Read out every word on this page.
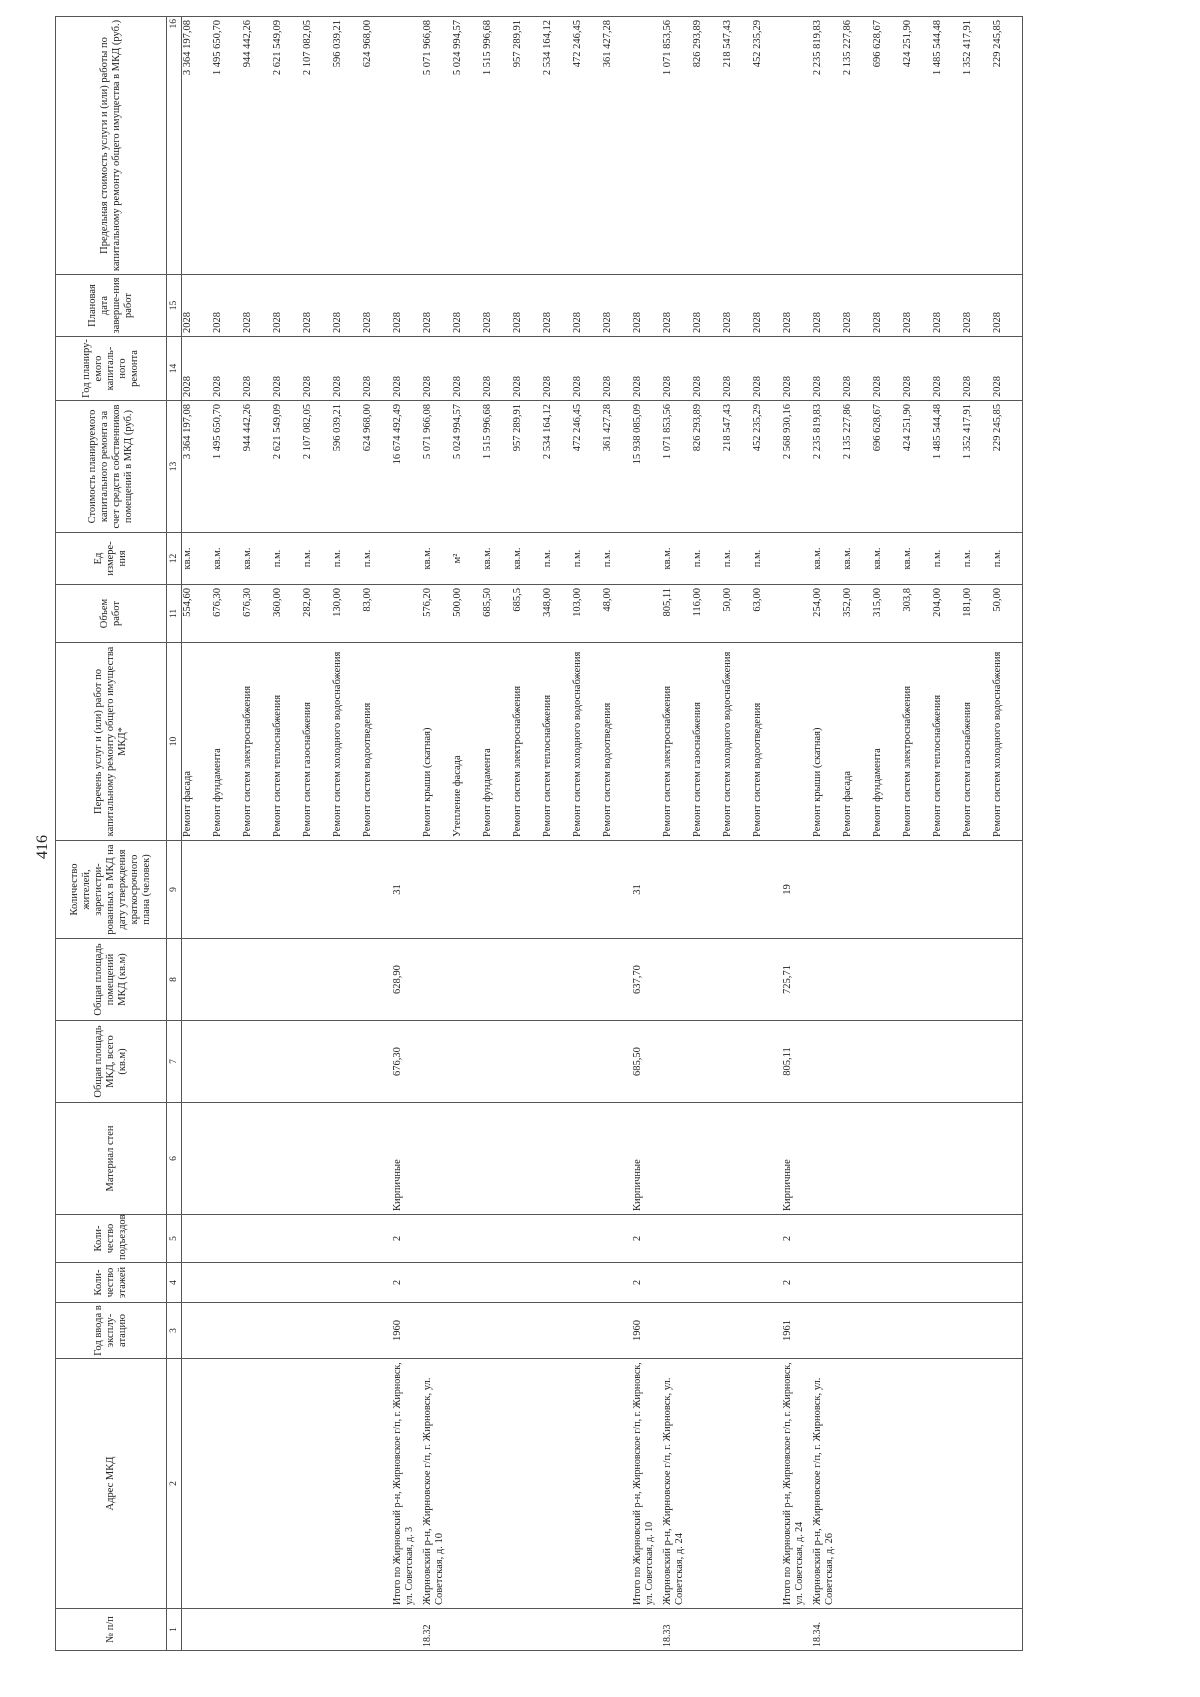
416
№ п/п	Адрес МКД	Год ввода в эксплу-атацию	Коли-чество этажей	Коли-чество подъездов	Материал стен	Общая площадь МКД, всего (кв.м)	Общая площадь помещений МКД (кв.м)	Количество жителей, зарегистри-рованных в МКД на дату утверждения краткосрочного плана (человек)	Перечень услуг и (или) работ по капитальному ремонту общего имущества МКД*	Объем работ	Ед измере-ния	Стоимость планируемого капитального ремонта за счет средств собственников помещений в МКД (руб.)	Год планиру-емого капиталь-ного ремонта	Плановая дата заверше-ния работ	Предельная стоимость услуги и (или) работы по капитальному ремонту общего имущества в МКД (руб.)
1	2	3	4	5	6	7	8	9	10	11	12	13	14	15	16
									Ремонт фасада	554,60	кв.м.	3 364 197,08	2028	2028	3 364 197,08
									Ремонт фундамента	676,30	кв.м.	1 495 650,70	2028	2028	1 495 650,70
									Ремонт систем электроснабжения	676,30	кв.м.	944 442,26	2028	2028	944 442,26
									Ремонт систем теплоснабжения	360,00	п.м.	2 621 549,09	2028	2028	2 621 549,09
									Ремонт систем газоснабжения	282,00	п.м.	2 107 082,05	2028	2028	2 107 082,05
									Ремонт систем холодного водоснабжения	130,00	п.м.	596 039,21	2028	2028	596 039,21
									Ремонт систем водоотведения	83,00	п.м.	624 968,00	2028	2028	624 968,00
	Итого по Жирновский р-н, Жирновское г/п, г. Жирновск, ул. Советская, д. 3	1960	2	2	Кирпичные	676,30	628,90	31				16 674 492,49	2028	2028	
18.32	Жирновский р-н, Жирновское г/п, г. Жирновск, ул. Советская, д. 10								Ремонт крыши (скатная)	576,20	кв.м.	5 071 966,08	2028	2028	5 071 966,08
									Утепление фасада	500,00	м²	5 024 994,57	2028	2028	5 024 994,57
									Ремонт фундамента	685,50	кв.м.	1 515 996,68	2028	2028	1 515 996,68
									Ремонт систем электроснабжения	685,5	кв.м.	957 289,91	2028	2028	957 289,91
									Ремонт систем теплоснабжения	348,00	п.м.	2 534 164,12	2028	2028	2 534 164,12
									Ремонт систем холодного водоснабжения	103,00	п.м.	472 246,45	2028	2028	472 246,45
									Ремонт систем водоотведения	48,00	п.м.	361 427,28	2028	2028	361 427,28
	Итого по Жирновский р-н, Жирновское г/п, г. Жирновск, ул. Советская, д. 10	1960	2	2	Кирпичные	685,50	637,70	31				15 938 085,09	2028	2028	
18.33	Жирновский р-н, Жирновское г/п, г. Жирновск, ул. Советская, д. 24								Ремонт систем электроснабжения	805,11	кв.м.	1 071 853,56	2028	2028	1 071 853,56
									Ремонт систем газоснабжения	116,00	п.м.	826 293,89	2028	2028	826 293,89
									Ремонт систем холодного водоснабжения	50,00	п.м.	218 547,43	2028	2028	218 547,43
									Ремонт систем водоотведения	63,00	п.м.	452 235,29	2028	2028	452 235,29
	Итого по Жирновский р-н, Жирновское г/п, г. Жирновск, ул. Советская, д. 24	1961	2	2	Кирпичные	805,11	725,71	19				2 568 930,16	2028	2028	
18.34.	Жирновский р-н, Жирновское г/п, г. Жирновск, ул. Советская, д. 26								Ремонт крыши (скатная)	254,00	кв.м.	2 235 819,83	2028	2028	2 235 819,83
									Ремонт фасада	352,00	кв.м.	2 135 227,86	2028	2028	2 135 227,86
									Ремонт фундамента	315,00	кв.м.	696 628,67	2028	2028	696 628,67
									Ремонт систем электроснабжения	303,8	кв.м.	424 251,90	2028	2028	424 251,90
									Ремонт систем теплоснабжения	204,00	п.м.	1 485 544,48	2028	2028	1 485 544,48
									Ремонт систем газоснабжения	181,00	п.м.	1 352 417,91	2028	2028	1 352 417,91
									Ремонт систем холодного водоснабжения	50,00	п.м.	229 245,85	2028	2028	229 245,85
